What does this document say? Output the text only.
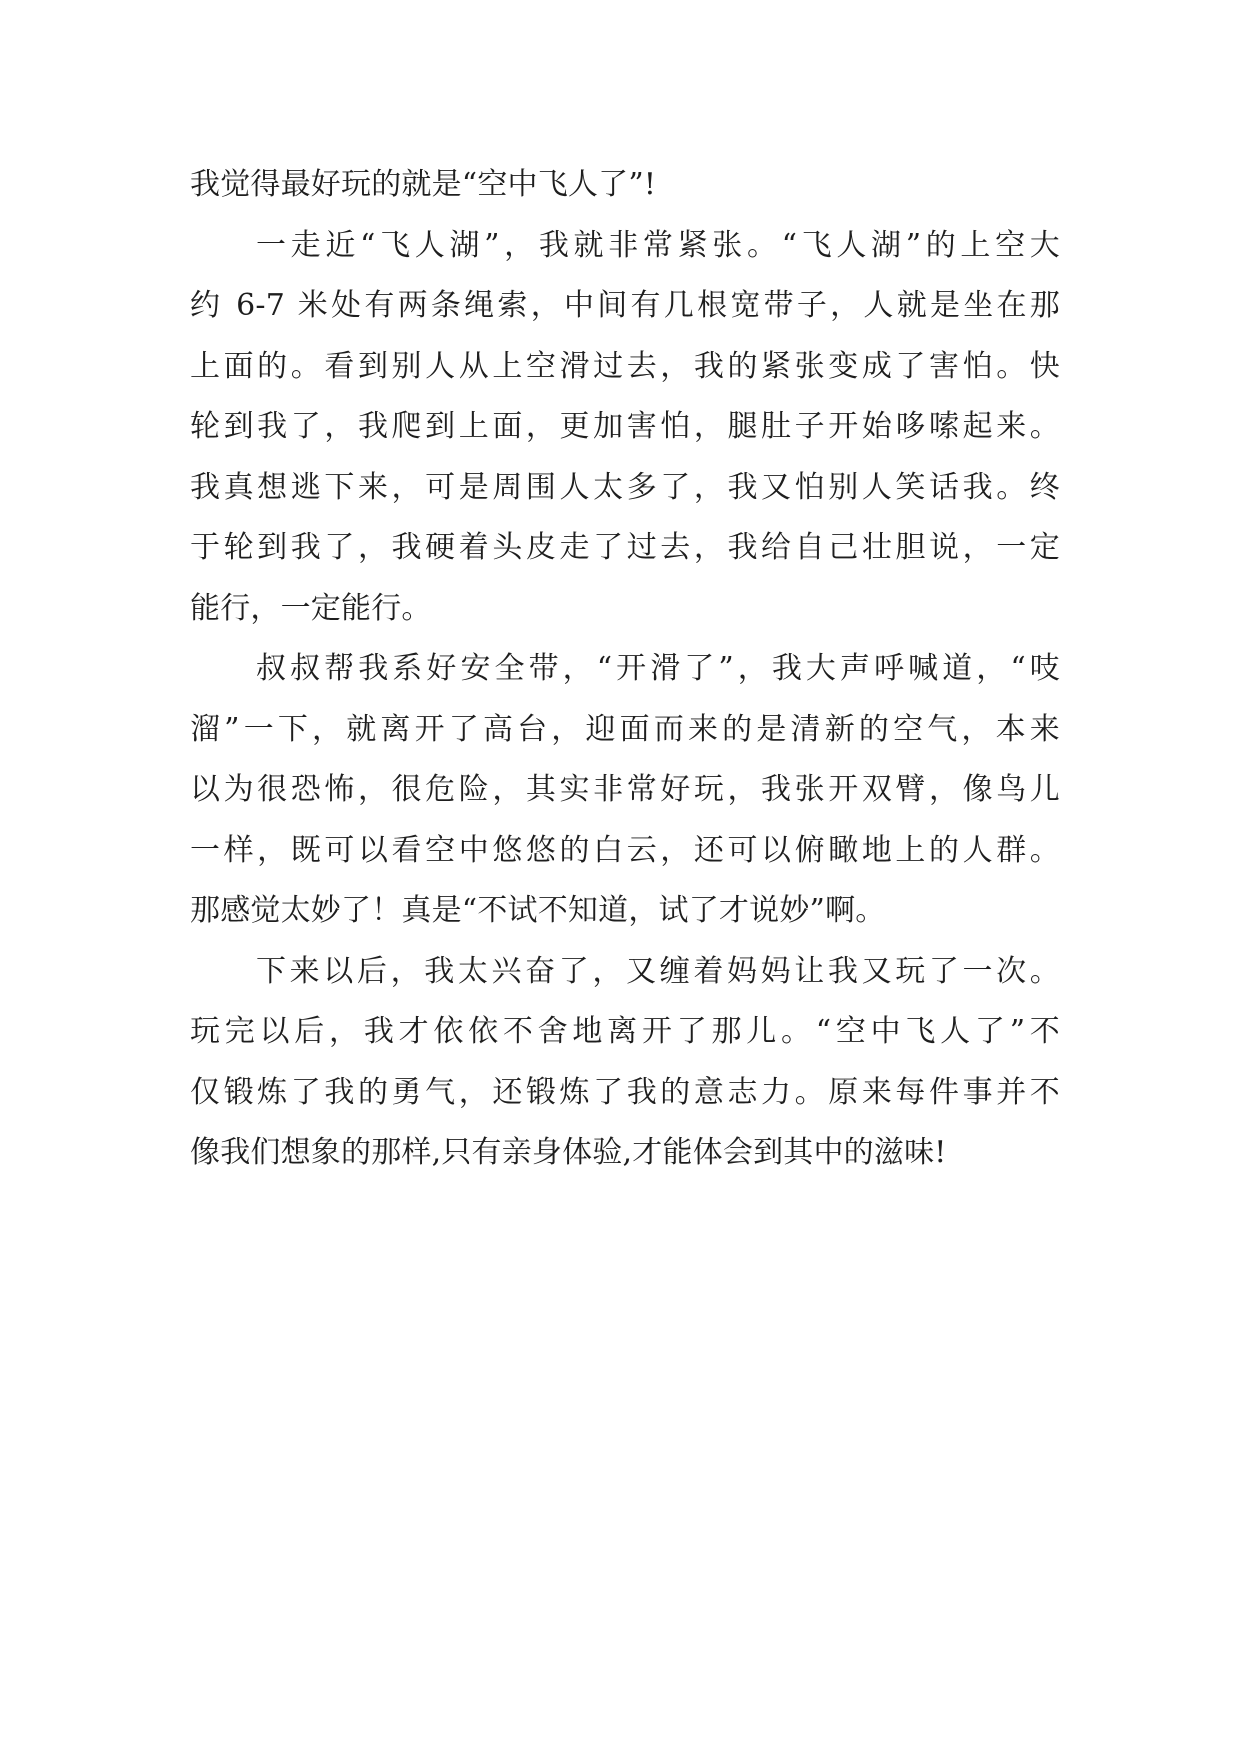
我觉得最好玩的就是“空中飞人了”!
一走近“飞人湖”，我就非常紧张。“飞人湖”的上空大
约 6-7 米处有两条绳索，中间有几根宽带子，人就是坐在那
上面的。看到别人从上空滑过去，我的紧张变成了害怕。快
轮到我了，我爬到上面，更加害怕，腿肚子开始哆嗦起来。
我真想逃下来，可是周围人太多了，我又怕别人笑话我。终
于轮到我了，我硬着头皮走了过去，我给自己壮胆说，一定
能行，一定能行。
叔叔帮我系好安全带，“开滑了”，我大声呼喊道，“吱
溜”一下，就离开了高台，迎面而来的是清新的空气，本来
以为很恐怖，很危险，其实非常好玩，我张开双臂，像鸟儿
一样，既可以看空中悠悠的白云，还可以俯瞰地上的人群。
那感觉太妙了！真是“不试不知道，试了才说妙”啊。
下来以后，我太兴奋了，又缠着妈妈让我又玩了一次。
玩完以后，我才依依不舍地离开了那儿。“空中飞人了”不
仅锻炼了我的勇气，还锻炼了我的意志力。原来每件事并不
像我们想象的那样,只有亲身体验,才能体会到其中的滋味!
